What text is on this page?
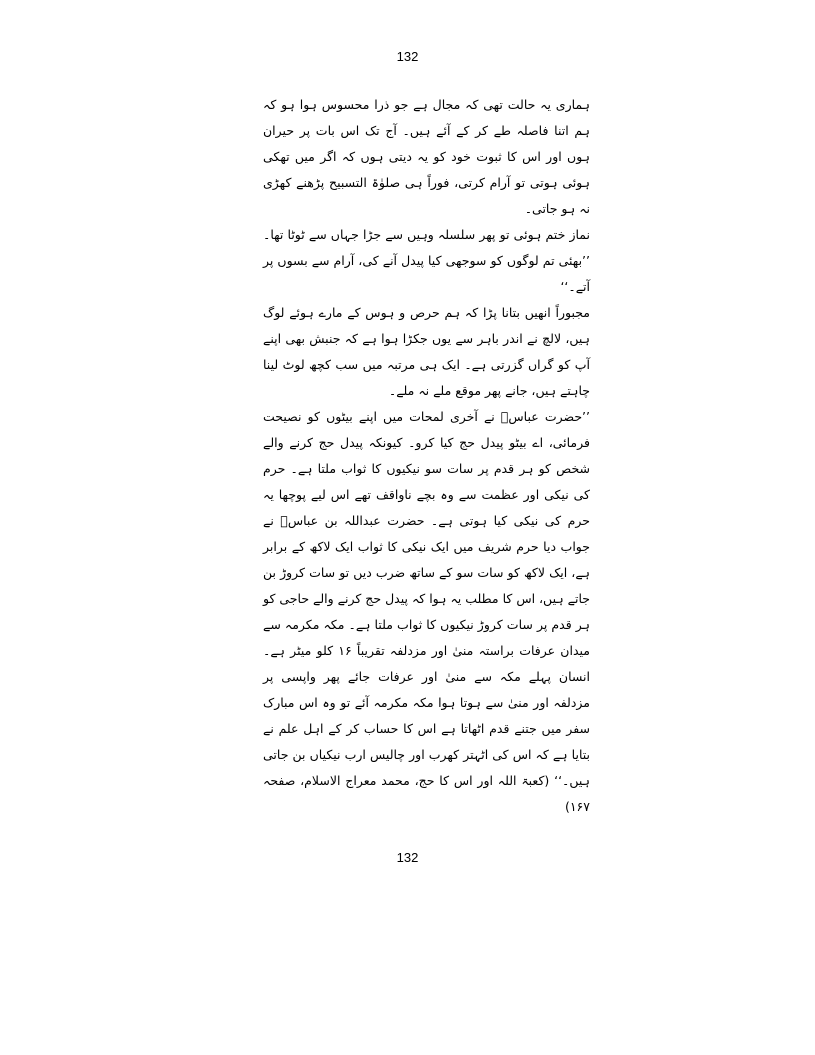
132

ہماری یہ حالت تھی کہ مجال ہے جو ذرا محسوس ہوا ہو کہ ہم اتنا فاصلہ طے کر کے آئے ہیں۔ آج تک اس بات پر حیران ہوں اور اس کا ثبوت خود کو یہ دیتی ہوں کہ اگر میں تھکی ہوئی ہوتی تو آرام کرتی، فوراً ہی صلوٰۃ التسبیح پڑھنے کھڑی نہ ہو جاتی۔

نماز ختم ہوئی تو پھر سلسلہ وہیں سے جڑا جہاں سے ٹوٹا تھا۔ ’’بھئی تم لوگوں کو سوجھی کیا پیدل آنے کی، آرام سے بسوں پر آتے۔‘‘

مجبوراً انھیں بتانا پڑا کہ ہم حرص و ہوس کے مارے ہوئے لوگ ہیں، لالچ نے اندر باہر سے یوں جکڑا ہوا ہے کہ جنبش بھی اپنے آپ کو گراں گزرتی ہے۔ ایک ہی مرتبہ میں سب کچھ لوٹ لینا چاہتے ہیں، جانے پھر موقع ملے نہ ملے۔

’’حضرت عباسؓ نے آخری لمحات میں اپنے بیٹوں کو نصیحت فرمائی، اے بیٹو پیدل حج کیا کرو۔ کیونکہ پیدل حج کرنے والے شخص کو ہر قدم پر سات سو نیکیوں کا ثواب ملتا ہے۔ حرم کی نیکی اور عظمت سے وہ بچے ناواقف تھے اس لیے پوچھا یہ حرم کی نیکی کیا ہوتی ہے۔ حضرت عبداللہ بن عباسؓ نے جواب دیا حرم شریف میں ایک نیکی کا ثواب ایک لاکھ کے برابر ہے، ایک لاکھ کو سات سو کے ساتھ ضرب دیں تو سات کروڑ بن جاتے ہیں، اس کا مطلب یہ ہوا کہ پیدل حج کرنے والے حاجی کو ہر قدم پر سات کروڑ نیکیوں کا ثواب ملتا ہے۔ مکہ مکرمہ سے میدان عرفات براستہ منیٰ اور مزدلفہ تقریباً ۱۶ کلو میٹر ہے۔ انسان پہلے مکہ سے منیٰ اور عرفات جائے پھر واپسی پر مزدلفہ اور منیٰ سے ہوتا ہوا مکہ مکرمہ آئے تو وہ اس مبارک سفر میں جتنے قدم اٹھاتا ہے اس کا حساب کر کے اہل علم نے بتایا ہے کہ اس کی اٹہتر کھرب اور چالیس ارب نیکیاں بن جاتی ہیں۔‘‘ (کعبۃ اللہ اور اس کا حج، محمد معراج الاسلام، صفحہ ۱۶۷)

132
